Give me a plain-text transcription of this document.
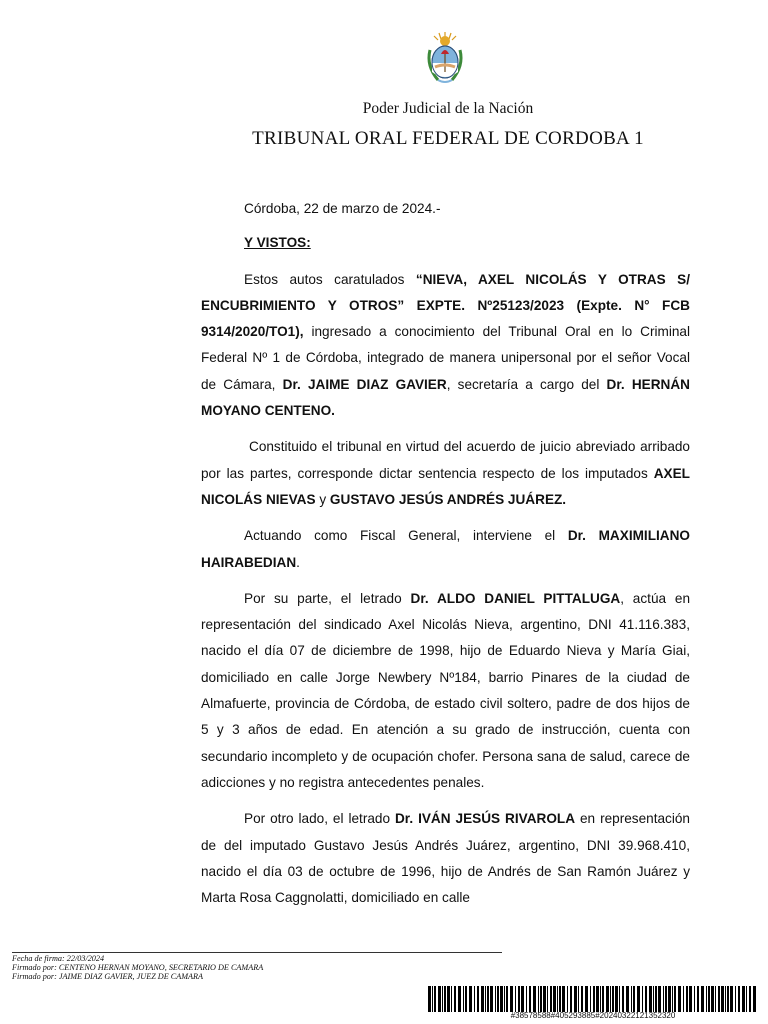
Poder Judicial de la Nación
TRIBUNAL ORAL FEDERAL DE CORDOBA 1

Córdoba, 22 de marzo de 2024.-

Y VISTOS:

Estos autos caratulados “NIEVA, AXEL NICOLÁS Y OTRAS S/ ENCUBRIMIENTO Y OTROS” EXPTE. Nº25123/2023 (Expte. N° FCB 9314/2020/TO1), ingresado a conocimiento del Tribunal Oral en lo Criminal Federal Nº 1 de Córdoba, integrado de manera unipersonal por el señor Vocal de Cámara, Dr. JAIME DIAZ GAVIER, secretaría a cargo del Dr. HERNÁN MOYANO CENTENO.

Constituido el tribunal en virtud del acuerdo de juicio abreviado arribado por las partes, corresponde dictar sentencia respecto de los imputados AXEL NICOLÁS NIEVAS y GUSTAVO JESÚS ANDRÉS JUÁREZ.

Actuando como Fiscal General, interviene el Dr. MAXIMILIANO HAIRABEDIAN.

Por su parte, el letrado Dr. ALDO DANIEL PITTALUGA, actúa en representación del sindicado Axel Nicolás Nieva, argentino, DNI 41.116.383, nacido el día 07 de diciembre de 1998, hijo de Eduardo Nieva y María Giai, domiciliado en calle Jorge Newbery Nº184, barrio Pinares de la ciudad de Almafuerte, provincia de Córdoba, de estado civil soltero, padre de dos hijos de 5 y 3 años de edad. En atención a su grado de instrucción, cuenta con secundario incompleto y de ocupación chofer. Persona sana de salud, carece de adicciones y no registra antecedentes penales.

Por otro lado, el letrado Dr. IVÁN JESÚS RIVAROLA en representación de del imputado Gustavo Jesús Andrés Juárez, argentino, DNI 39.968.410, nacido el día 03 de octubre de 1996, hijo de Andrés de San Ramón Juárez y Marta Rosa Caggnolatti, domiciliado en calle

Fecha de firma: 22/03/2024
Firmado por: CENTENO HERNAN MOYANO, SECRETARIO DE CAMARA
Firmado por: JAIME DIAZ GAVIER, JUEZ DE CAMARA
#38578588#405293885#20240322121352320
